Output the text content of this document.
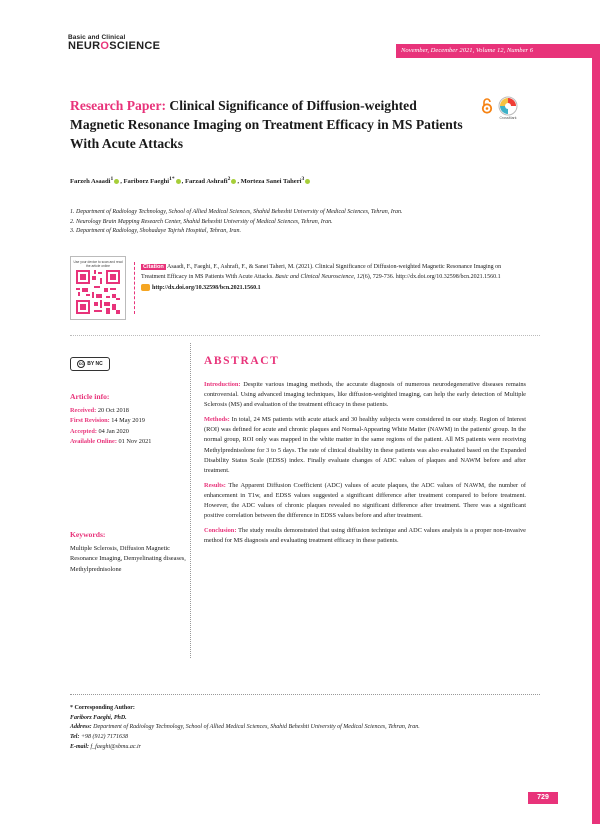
Basic and Clinical
NEUROSCIENCE	November, December 2021, Volume 12, Number 6
Research Paper: Clinical Significance of Diffusion-weighted Magnetic Resonance Imaging on Treatment Efficacy in MS Patients With Acute Attacks
CrossMark
Farzeh Asaadi$^1$ , Fariborz Faeghi$^{1*}$ , Farzad Ashrafi$^2$ , Morteza Sanei Taheri$^3$
1. Department of Radiology Technology, School of Allied Medical Sciences, Shahid Beheshti University of Medical Sciences, Tehran, Iran.
2. Neurology Brain Mapping Research Center, Shahid Beheshti University of Medical Sciences, Tehran, Iran.
3. Department of Radiology, Shohadaye Tajrish Hospital, Tehran, Iran.
Use your device to scan and read the article online	Citation Asaadi, F., Faeghi, F., Ashrafi, F., & Sanei Taheri, M. (2021). Clinical Significance of Diffusion-weighted Magnetic Resonance Imaging on Treatment Efficacy in MS Patients With Acute Attacks. Basic and Clinical Neuroscience, 12(6), 729-736. http://dx.doi.org/10.32598/bcn.2021.1560.1
http://dx.doi.org/10.32598/bcn.2021.1560.1
cc BY NC
Article info:
Received: 20 Oct 2018
First Revision: 14 May 2019
Accepted: 04 Jan 2020
Available Online: 01 Nov 2021
Keywords:
Multiple Sclerosis, Diffusion Magnetic Resonance Imaging, Demyelinating diseases, Methylprednisolone
ABSTRACT

Introduction: Despite various imaging methods, the accurate diagnosis of numerous neurodegenerative diseases remains controversial. Using advanced imaging techniques, like diffusion-weighted imaging, can help the early detection of Multiple Sclerosis (MS) and evaluation of the treatment efficacy in these patients.

Methods: In total, 24 MS patients with acute attack and 30 healthy subjects were considered in our study. Region of Interest (ROI) was defined for acute and chronic plaques and Normal-Appearing White Matter (NAWM) in the patients' group. In the normal group, ROI only was mapped in the white matter in the same regions of the patient. All MS patients were receiving Methylprednisolone for 3 to 5 days. The rate of clinical disability in these patients was also evaluated based on the Expanded Disability Status Scale (EDSS) index. Finally evaluate changes of ADC values of plaques and NAWM before and after treatment.

Results: The Apparent Diffusion Coefficient (ADC) values of acute plaques, the ADC values of NAWM, the number of enhancement in T1w, and EDSS values suggested a significant difference after treatment compared to before treatment. However, the ADC values of chronic plaques revealed no significant difference after treatment. There was a significant positive correlation between the difference in EDSS values before and after treatment.

Conclusion: The study results demonstrated that using diffusion technique and ADC values analysis is a proper non-invasive method for MS diagnosis and evaluating treatment efficacy in these patients.

* Corresponding Author:
Fariborz Faeghi, PhD.
Address: Department of Radiology Technology, School of Allied Medical Sciences, Shahid Beheshti University of Medical Sciences, Tehran, Iran.
Tel: +98 (912) 7171638
E-mail: f_faeghi@sbmu.ac.ir
729
